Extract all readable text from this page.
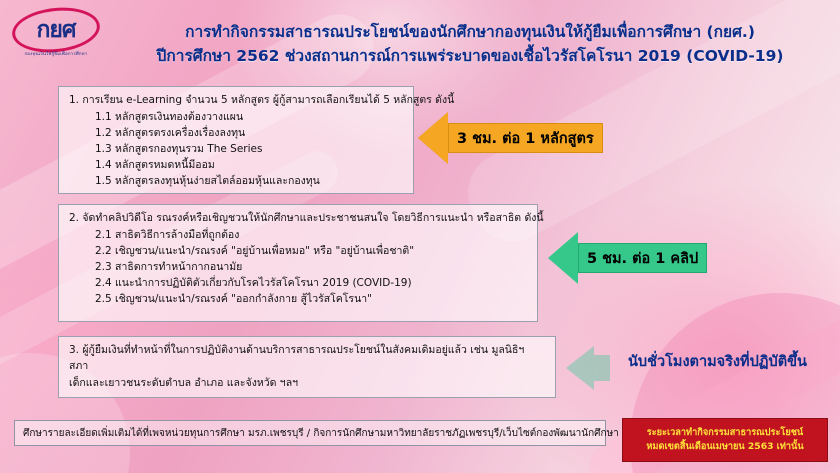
กยศ
กองทุนเงินให้กู้ยืมเพื่อการศึกษา
การทำกิจกรรมสาธารณประโยชน์ของนักศึกษากองทุนเงินให้กู้ยืมเพื่อการศึกษา (กยศ.)
ปีการศึกษา 2562 ช่วงสถานการณ์การแพร่ระบาดของเชื้อไวรัสโคโรนา 2019 (COVID-19)
1. การเรียน e-Learning จำนวน 5 หลักสูตร ผู้กู้สามารถเลือกเรียนได้ 5 หลักสูตร ดังนี้
1.1 หลักสูตรเงินทองต้องวางแผน
1.2 หลักสูตรตรงเครื่องเรื่องลงทุน
1.3 หลักสูตรกองทุนรวม The Series
1.4 หลักสูตรหมดหนี้มีออม
1.5 หลักสูตรลงทุนหุ้นง่ายสไตล์ออมหุ้นและกองทุน
3 ชม. ต่อ 1 หลักสูตร
2. จัดทำคลิปวิดีโอ รณรงค์หรือเชิญชวนให้นักศึกษาและประชาชนสนใจ โดยวิธีการแนะนำ หรือสาธิต ดังนี้
2.1 สาธิตวิธีการล้างมือที่ถูกต้อง
2.2 เชิญชวน/แนะนำ/รณรงค์ "อยู่บ้านเพื่อหมอ" หรือ "อยู่บ้านเพื่อชาติ"
2.3 สาธิตการทำหน้ากากอนามัย
2.4 แนะนำการปฏิบัติตัวเกี่ยวกับโรคไวรัสโคโรนา 2019 (COVID-19)
2.5 เชิญชวน/แนะนำ/รณรงค์ "ออกกำลังกาย สู้ไวรัสโคโรนา"
5 ชม. ต่อ 1 คลิป
3. ผู้กู้ยืมเงินที่ทำหน้าที่ในการปฏิบัติงานด้านบริการสาธารณประโยชน์ในสังคมเดิมอยู่แล้ว เช่น มูลนิธิฯ สภา
เด็กและเยาวชนระดับตำบล อำเภอ และจังหวัด ฯลฯ
นับชั่วโมงตามจริงที่ปฏิบัติขึ้น
ศึกษารายละเอียดเพิ่มเติมได้ที่เพจหน่วยทุนการศึกษา มรภ.เพชรบุรี / กิจการนักศึกษามหาวิทยาลัยราชภัฏเพชรบุรี/เว็บไซต์กองพัฒนานักศึกษา	ระยะเวลาทำกิจกรรมสาธารณประโยชน์
หมดเขตสิ้นเดือนเมษายน 2563 เท่านั้น
